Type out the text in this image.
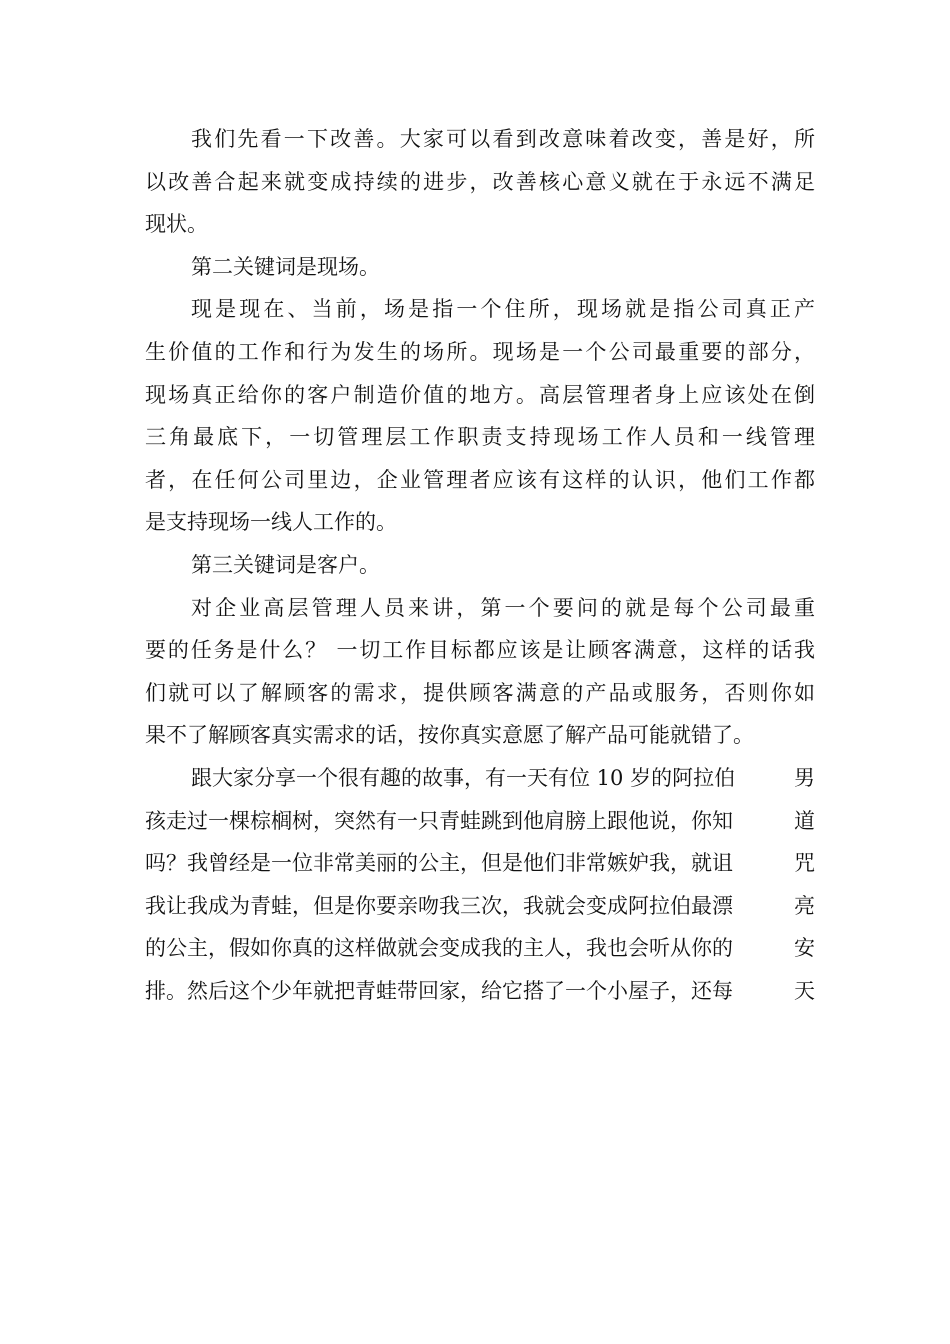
我们先看一下改善。大家可以看到改意味着改变，善是好，所
以改善合起来就变成持续的进步，改善核心意义就在于永远不满足
现状。
第二关键词是现场。
现是现在、当前，场是指一个住所，现场就是指公司真正产
生价值的工作和行为发生的场所。现场是一个公司最重要的部分，
现场真正给你的客户制造价值的地方。高层管理者身上应该处在倒
三角最底下，一切管理层工作职责支持现场工作人员和一线管理
者，在任何公司里边，企业管理者应该有这样的认识，他们工作都
是支持现场一线人工作的。
第三关键词是客户。
对企业高层管理人员来讲，第一个要问的就是每个公司最重
要的任务是什么？ 一切工作目标都应该是让顾客满意，这样的话我
们就可以了解顾客的需求，提供顾客满意的产品或服务，否则你如
果不了解顾客真实需求的话，按你真实意愿了解产品可能就错了。
跟大家分享一个很有趣的故事，有一天有位 10 岁的阿拉伯	男
孩走过一棵棕榈树，突然有一只青蛙跳到他肩膀上跟他说，你知	道
吗？我曾经是一位非常美丽的公主，但是他们非常嫉妒我，就诅	咒
我让我成为青蛙，但是你要亲吻我三次，我就会变成阿拉伯最漂	亮
的公主，假如你真的这样做就会变成我的主人，我也会听从你的	安
排。然后这个少年就把青蛙带回家，给它搭了一个小屋子，还每	天
